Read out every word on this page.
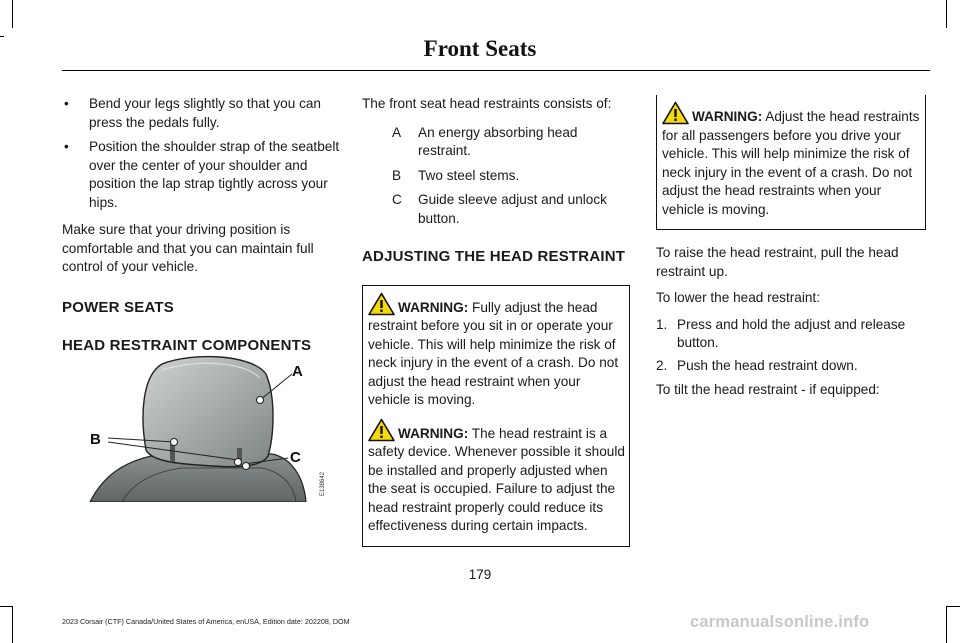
Front Seats
• Bend your legs slightly so that you can press the pedals fully.
• Position the shoulder strap of the seatbelt over the center of your shoulder and position the lap strap tightly across your hips.

Make sure that your driving position is comfortable and that you can maintain full control of your vehicle.

POWER SEATS
HEAD RESTRAINT COMPONENTS
A
B
C
E138642

The front seat head restraints consists of:

A An energy absorbing head restraint.
B Two steel stems.
C Guide sleeve adjust and unlock button.
ADJUSTING THE HEAD RESTRAINT
WARNING: Fully adjust the head restraint before you sit in or operate your vehicle. This will help minimize the risk of neck injury in the event of a crash. Do not adjust the head restraint when your vehicle is moving.
WARNING: The head restraint is a safety device. Whenever possible it should be installed and properly adjusted when the seat is occupied. Failure to adjust the head restraint properly could reduce its effectiveness during certain impacts.
WARNING: Adjust the head restraints for all passengers before you drive your vehicle. This will help minimize the risk of neck injury in the event of a crash. Do not adjust the head restraints when your vehicle is moving.

To raise the head restraint, pull the head restraint up.

To lower the head restraint:

1. Press and hold the adjust and release button.
2. Push the head restraint down.

To tilt the head restraint - if equipped:

179
2023 Corsair (CTF) Canada/United States of America, enUSA, Edition date: 202208, DOM	carmanualsonline.info
